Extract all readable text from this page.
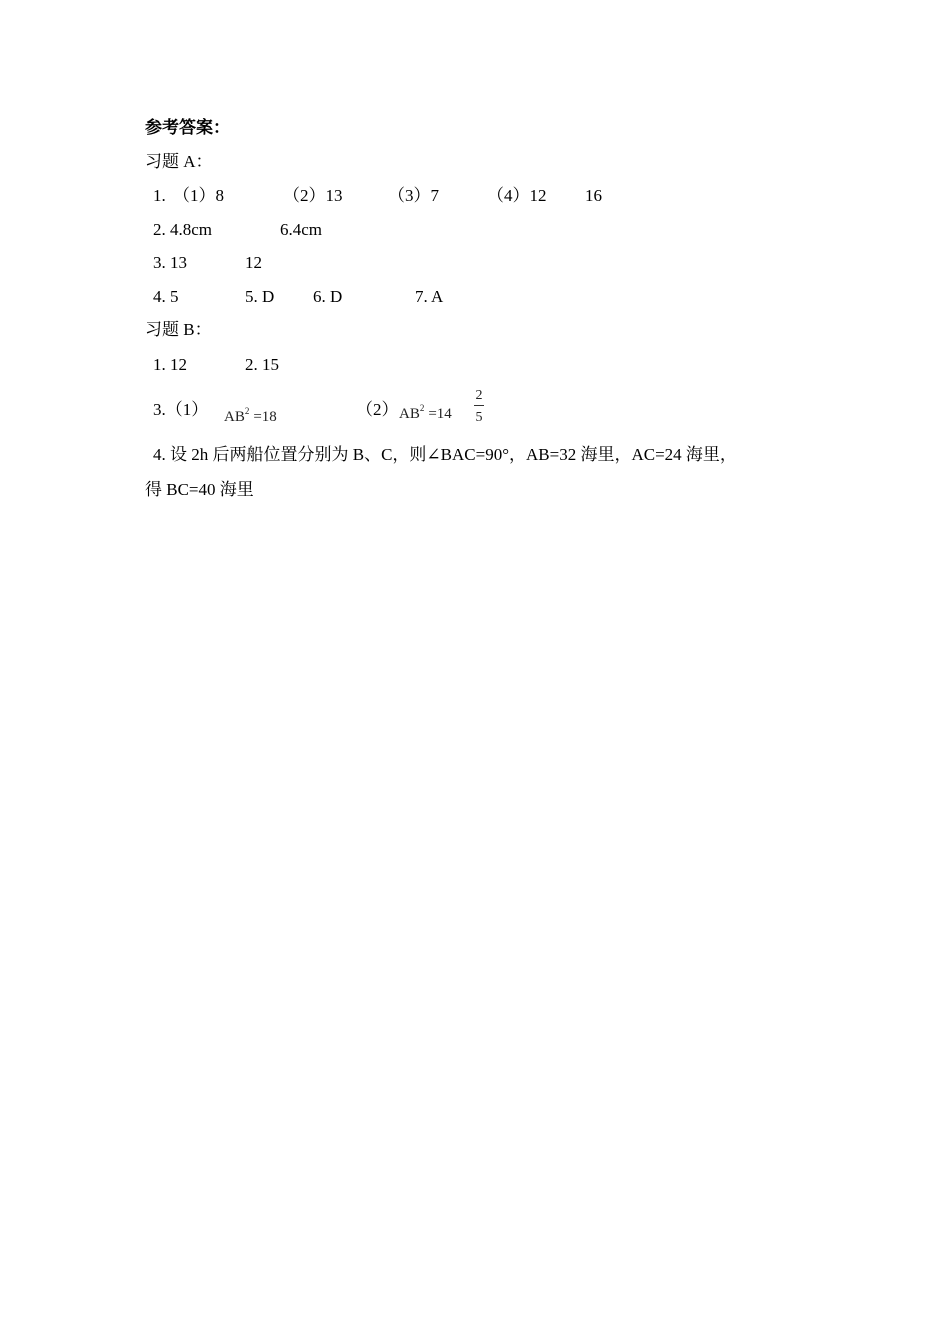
参考答案：
习题 A：
1. （1）8	（2）13	（3）7	（4）12 16
2. 4.8cm	6.4cm
3. 13	12
4. 5	5. D 6. D	7. A
习题 B：
1. 12	2. 15
3.（1） $AB^2 =18$	（2） $AB^2 =14$
2
5
4. 设 2h 后两船位置分别为 B、C，则∠BAC=90°，AB=32 海里，AC=24 海里，
得 BC=40 海里
